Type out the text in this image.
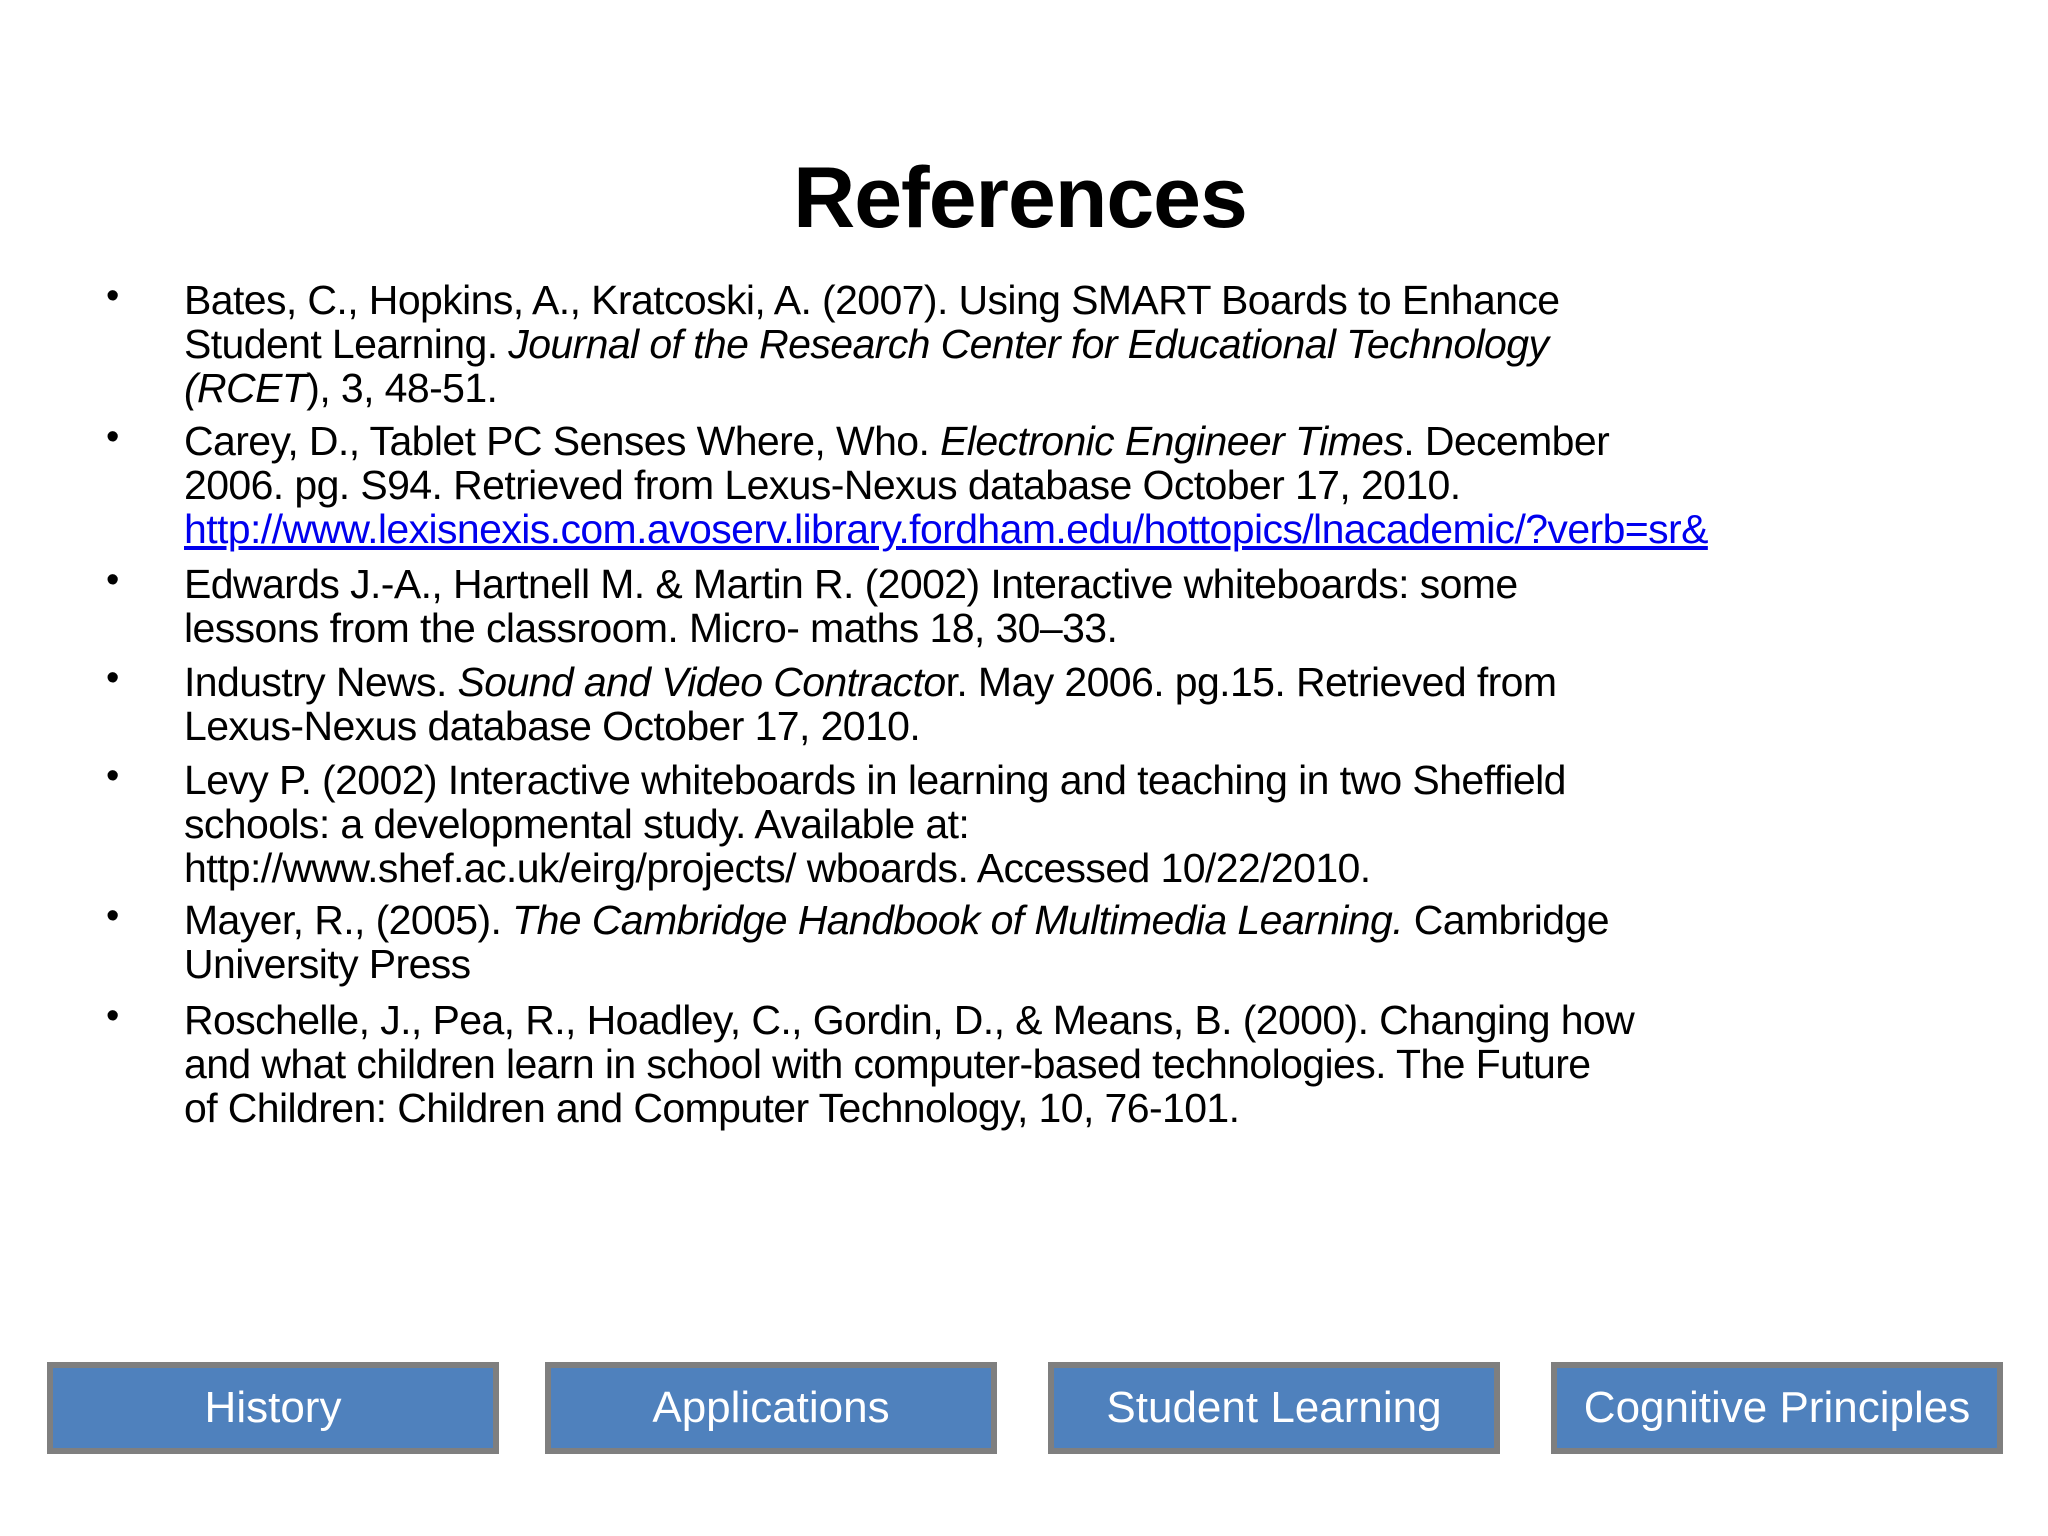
References
• Bates, C., Hopkins, A., Kratcoski, A. (2007). Using SMART Boards to Enhance
Student Learning. Journal of the Research Center for Educational Technology
(RCET), 3, 48-51.
• Carey, D., Tablet PC Senses Where, Who. Electronic Engineer Times. December
2006. pg. S94. Retrieved from Lexus-Nexus database October 17, 2010.
http://www.lexisnexis.com.avoserv.library.fordham.edu/hottopics/lnacademic/?verb=sr&
• Edwards J.-A., Hartnell M. & Martin R. (2002) Interactive whiteboards: some
lessons from the classroom. Micro- maths 18, 30–33.
• Industry News. Sound and Video Contractor. May 2006. pg.15. Retrieved from
Lexus-Nexus database October 17, 2010.
• Levy P. (2002) Interactive whiteboards in learning and teaching in two Sheffield
schools: a developmental study. Available at:
http://www.shef.ac.uk/eirg/projects/ wboards. Accessed 10/22/2010.
• Mayer, R., (2005). The Cambridge Handbook of Multimedia Learning. Cambridge
University Press
• Roschelle, J., Pea, R., Hoadley, C., Gordin, D., & Means, B. (2000). Changing how
and what children learn in school with computer-based technologies. The Future
of Children: Children and Computer Technology, 10, 76-101.
History	Applications	Student Learning	Cognitive Principles
